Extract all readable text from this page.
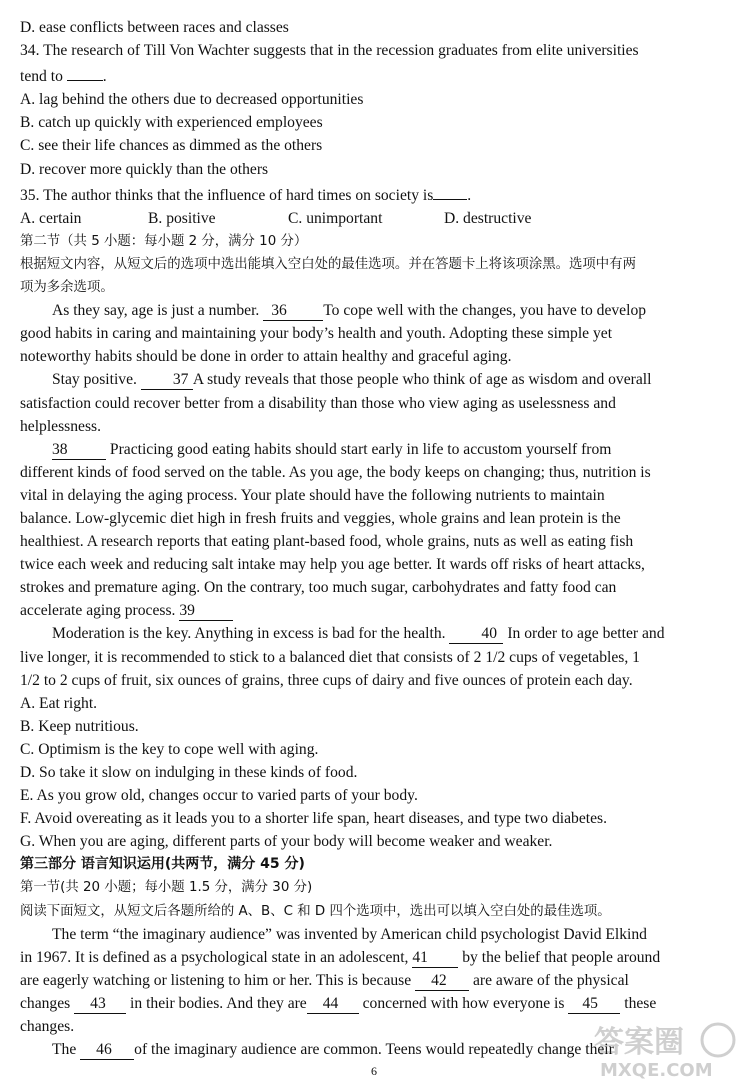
D. ease conflicts between races and classes
34. The research of Till Von Wachter suggests that in the recession graduates from elite universities
tend to	.
A. lag behind the others due to decreased opportunities
B. catch up quickly with experienced employees
C. see their life chances as dimmed as the others
D. recover more quickly than the others
35. The author thinks that the influence of hard times on society is .
A. certain	B. positive	C. unimportant	D. destructive
第二节（共 5 小题：每小题 2 分，满分 10 分）
根据短文内容，从短文后的选项中选出能填入空白处的最佳选项。并在答题卡上将该项涂黑。选项中有两
项为多余选项。
As they say, age is just a number. 36 To cope well with the changes, you have to develop
good habits in caring and maintaining your body’s health and youth. Adopting these simple yet
noteworthy habits should be done in order to attain healthy and graceful aging.
Stay positive. 37 A study reveals that those people who think of age as wisdom and overall
satisfaction could recover better from a disability than those who view aging as uselessness and
helplessness.
38	Practicing good eating habits should start early in life to accustom yourself from
different kinds of food served on the table. As you age, the body keeps on changing; thus, nutrition is
vital in delaying the aging process. Your plate should have the following nutrients to maintain
balance. Low-glycemic diet high in fresh fruits and veggies, whole grains and lean protein is the
healthiest. A research reports that eating plant-based food, whole grains, nuts as well as eating fish
twice each week and reducing salt intake may help you age better. It wards off risks of heart attacks,
strokes and premature aging. On the contrary, too much sugar, carbohydrates and fatty food can
accelerate aging process. 39
Moderation is the key. Anything in excess is bad for the health. 40 In order to age better and
live longer, it is recommended to stick to a balanced diet that consists of 2 1/2 cups of vegetables, 1
1/2 to 2 cups of fruit, six ounces of grains, three cups of dairy and five ounces of protein each day.
A. Eat right.
B. Keep nutritious.
C. Optimism is the key to cope well with aging.
D. So take it slow on indulging in these kinds of food.
E. As you grow old, changes occur to varied parts of your body.
F. Avoid overeating as it leads you to a shorter life span, heart diseases, and type two diabetes.
G. When you are aging, different parts of your body will become weaker and weaker.
第三部分 语言知识运用(共两节，满分 45 分)
第一节(共 20 小题；每小题 1.5 分，满分 30 分)
阅读下面短文，从短文后各题所给的 A、B、C 和 D 四个选项中，选出可以填入空白处的最佳选项。
The term “the imaginary audience” was invented by American child psychologist David Elkind
in 1967. It is defined as a psychological state in an adolescent, 41 by the belief that people around
are eagerly watching or listening to him or her. This is because 42 are aware of the physical
changes 43 in their bodies. And they are 44 concerned with how everyone is 45 these
changes.
The 46 of the imaginary audience are common. Teens would repeatedly change their
答案圈
MXQE.COM
6
